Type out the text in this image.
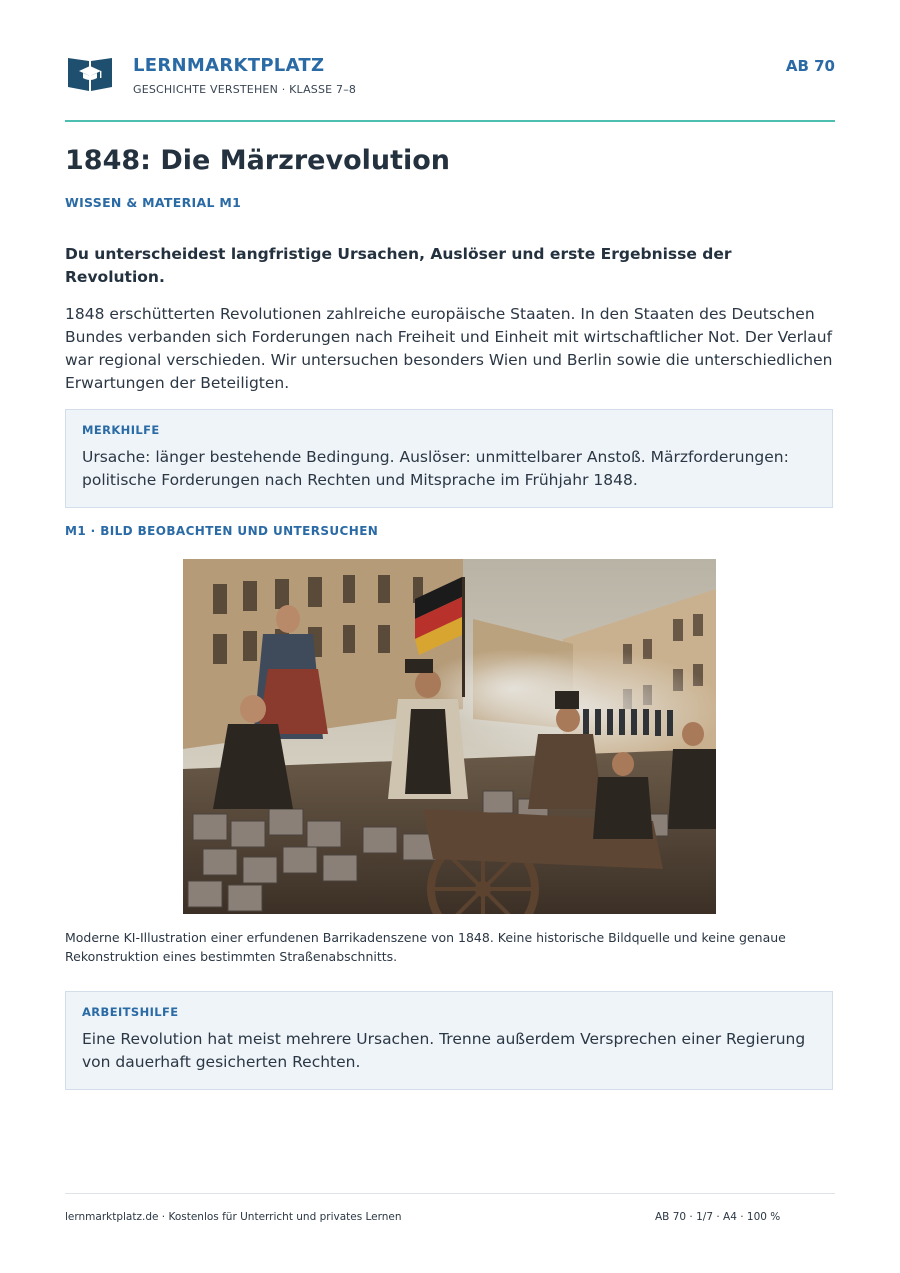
LERNMARKTPLATZ
GESCHICHTE VERSTEHEN · KLASSE 7–8
AB 70
1848: Die Märzrevolution
WISSEN & MATERIAL M1

Du unterscheidest langfristige Ursachen, Auslöser und erste Ergebnisse der Revolution.

1848 erschütterten Revolutionen zahlreiche europäische Staaten. In den Staaten des Deutschen Bundes verbanden sich Forderungen nach Freiheit und Einheit mit wirtschaftlicher Not. Der Verlauf war regional verschieden. Wir untersuchen besonders Wien und Berlin sowie die unterschiedlichen Erwartungen der Beteiligten.

MERKHILFE
Ursache: länger bestehende Bedingung. Auslöser: unmittelbarer Anstoß. Märzforderungen: politische Forderungen nach Rechten und Mitsprache im Frühjahr 1848.
M1 · BILD BEOBACHTEN UND UNTERSUCHEN

Moderne KI-Illustration einer erfundenen Barrikadenszene von 1848. Keine historische Bildquelle und keine genaue Rekonstruktion eines bestimmten Straßenabschnitts.

ARBEITSHILFE
Eine Revolution hat meist mehrere Ursachen. Trenne außerdem Versprechen einer Regierung von dauerhaft gesicherten Rechten.
lernmarktplatz.de · Kostenlos für Unterricht und privates Lernen	AB 70 · 1/7 · A4 · 100 %
